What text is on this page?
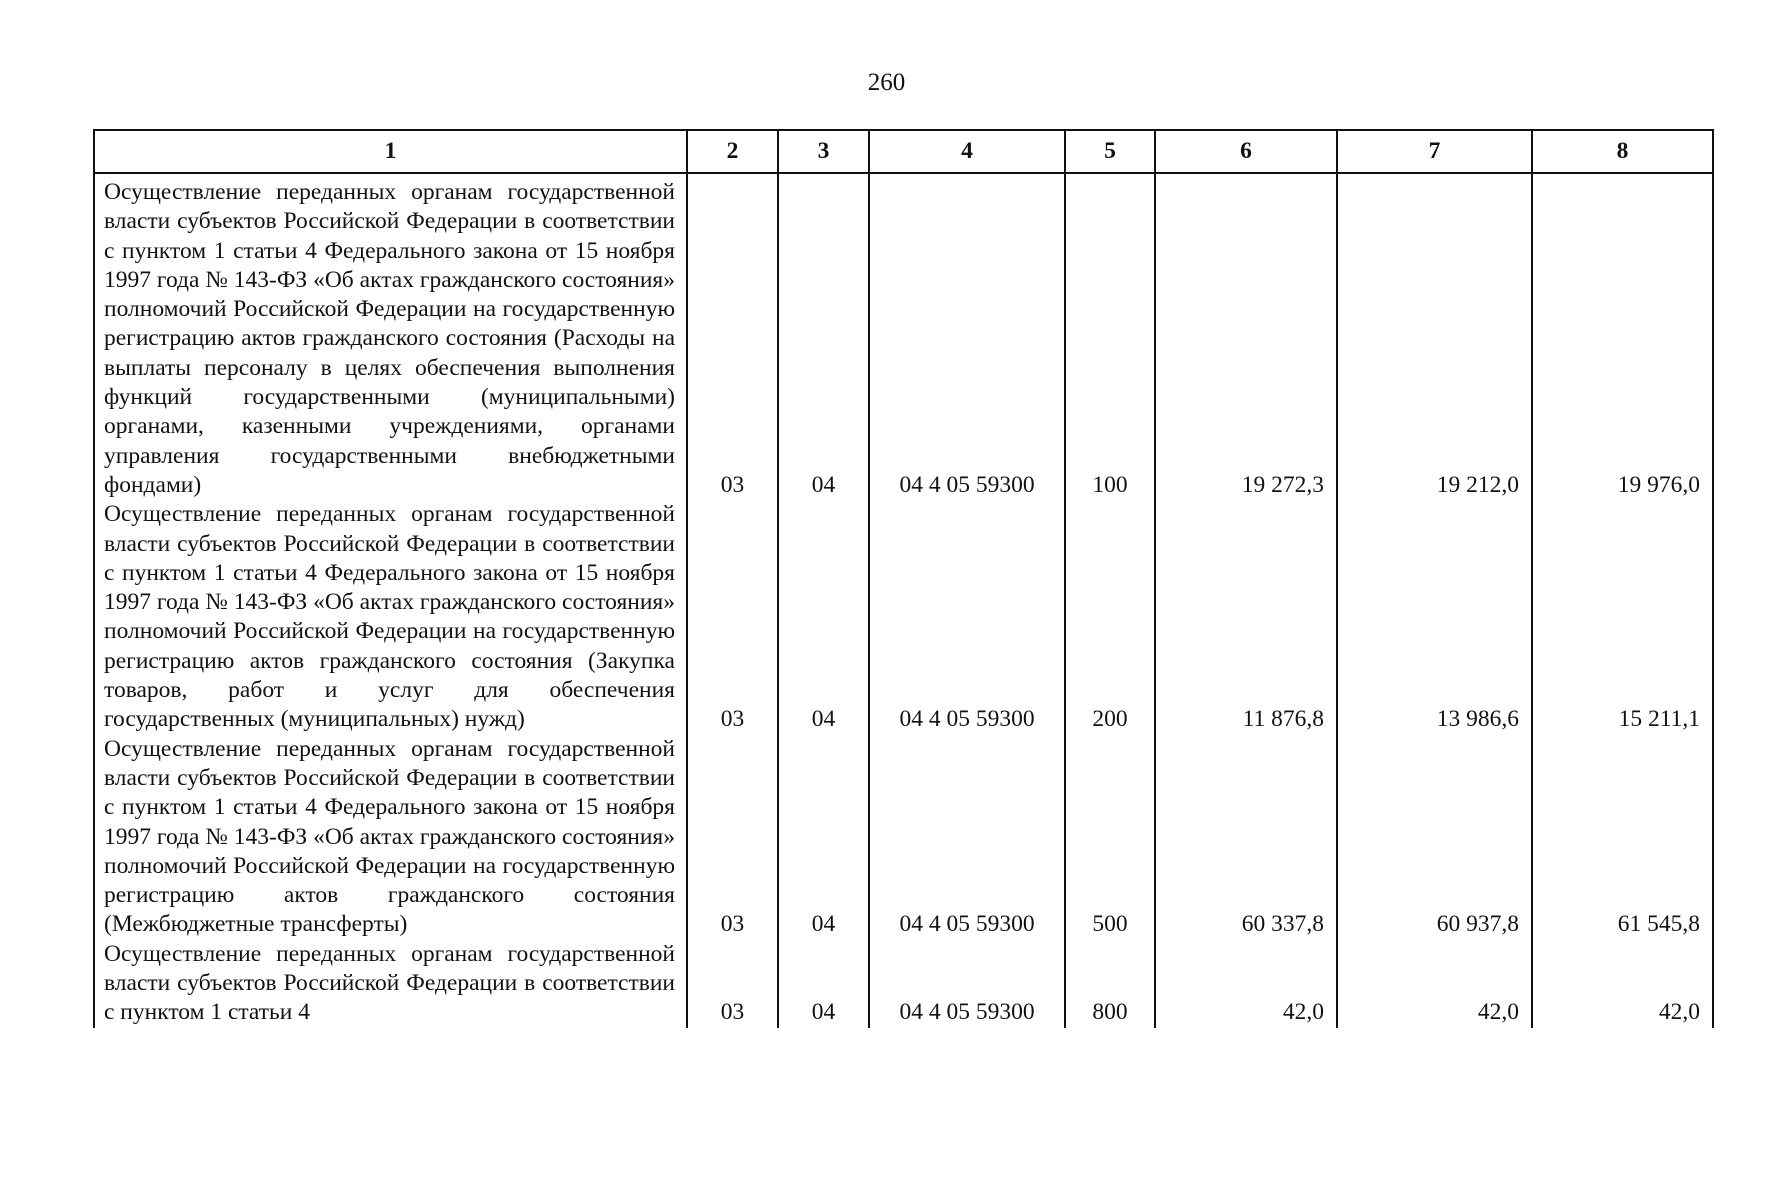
260
1	2	3	4	5	6	7	8
Осуществление переданных органам государственной власти субъектов Российской Федерации в соответствии с пунктом 1 статьи 4 Федерального закона от 15 ноября 1997 года № 143-ФЗ «Об актах гражданского состояния» полномочий Российской Федерации на государственную регистрацию актов гражданского состояния (Расходы на выплаты персоналу в целях обеспечения выполнения функций государственными (муниципальными) органами, казенными учреждениями, органами управления государственными внебюджетными фондами)	03	04	04 4 05 59300	100	19 272,3	19 212,0	19 976,0
Осуществление переданных органам государственной власти субъектов Российской Федерации в соответствии с пунктом 1 статьи 4 Федерального закона от 15 ноября 1997 года № 143-ФЗ «Об актах гражданского состояния» полномочий Российской Федерации на государственную регистрацию актов гражданского состояния (Закупка товаров, работ и услуг для обеспечения государственных (муниципальных) нужд)	03	04	04 4 05 59300	200	11 876,8	13 986,6	15 211,1
Осуществление переданных органам государственной власти субъектов Российской Федерации в соответствии с пунктом 1 статьи 4 Федерального закона от 15 ноября 1997 года № 143-ФЗ «Об актах гражданского состояния» полномочий Российской Федерации на государственную регистрацию актов гражданского состояния (Межбюджетные трансферты)	03	04	04 4 05 59300	500	60 337,8	60 937,8	61 545,8
Осуществление переданных органам государственной власти субъектов Российской Федерации в соответствии с пунктом 1 статьи 4	03	04	04 4 05 59300	800	42,0	42,0	42,0
